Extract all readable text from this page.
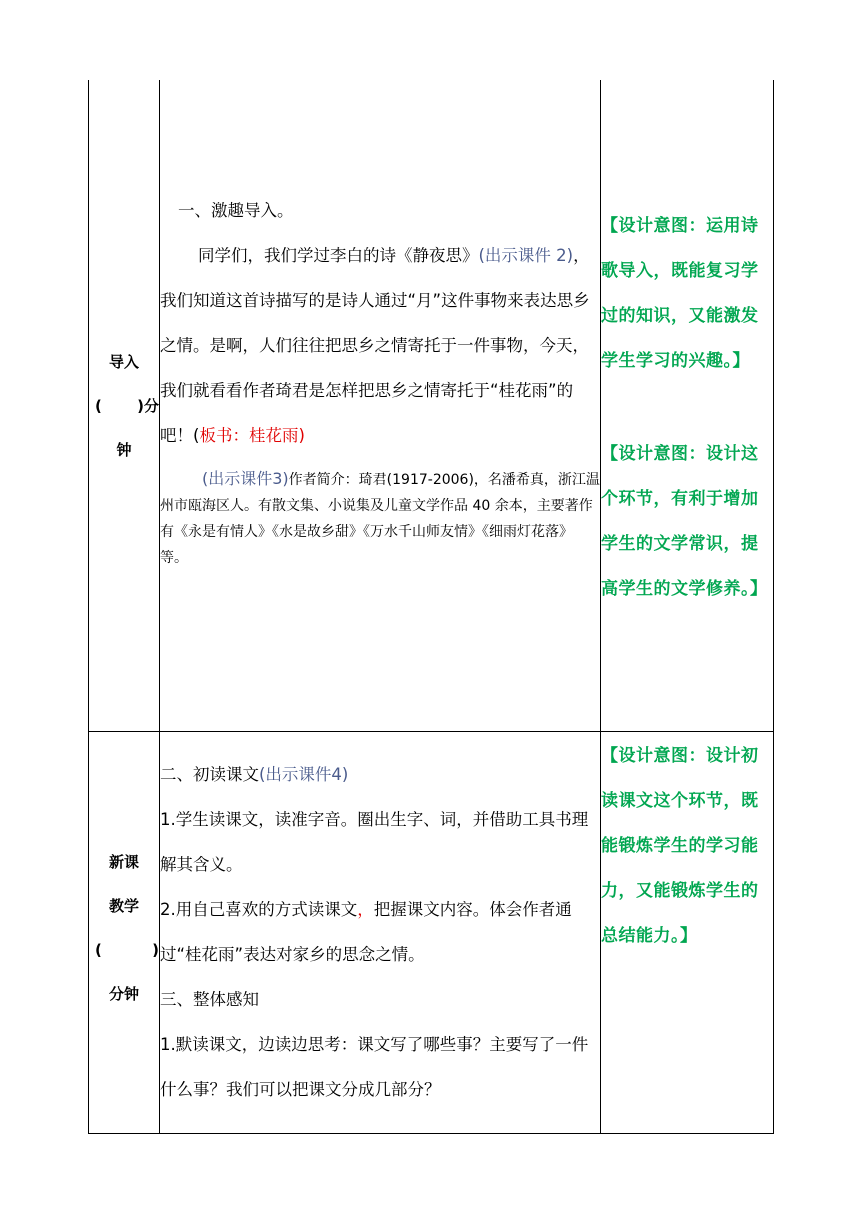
导入
( )分
钟

一、激趣导入。

同学们，我们学过李白的诗《静夜思》(出示课件 2)，我们知道这首诗描写的是诗人通过“月”这件事物来表达思乡之情。是啊，人们往往把思乡之情寄托于一件事物，今天，我们就看看作者琦君是怎样把思乡之情寄托于“桂花雨”的吧！(板书：桂花雨)

(出示课件3)作者简介：琦君(1917-2006)，名潘希真，浙江温州市瓯海区人。有散文集、小说集及儿童文学作品 40 余本，主要著作有《永是有情人》《水是故乡甜》《万水千山师友情》《细雨灯花落》等。

【设计意图：运用诗歌导入，既能复习学过的知识，又能激发学生学习的兴趣。】

【设计意图：设计这个环节，有利于增加学生的文学常识，提高学生的文学修养。】

新课
教学
(	)
分钟

二、初读课文(出示课件4)

1.学生读课文，读准字音。圈出生字、词，并借助工具书理解其含义。

2.用自己喜欢的方式读课文，把握课文内容。体会作者通过“桂花雨”表达对家乡的思念之情。

三、整体感知

1.默读课文，边读边思考：课文写了哪些事？主要写了一件什么事？我们可以把课文分成几部分？

【设计意图：设计初读课文这个环节，既能锻炼学生的学习能力，又能锻炼学生的总结能力。】
